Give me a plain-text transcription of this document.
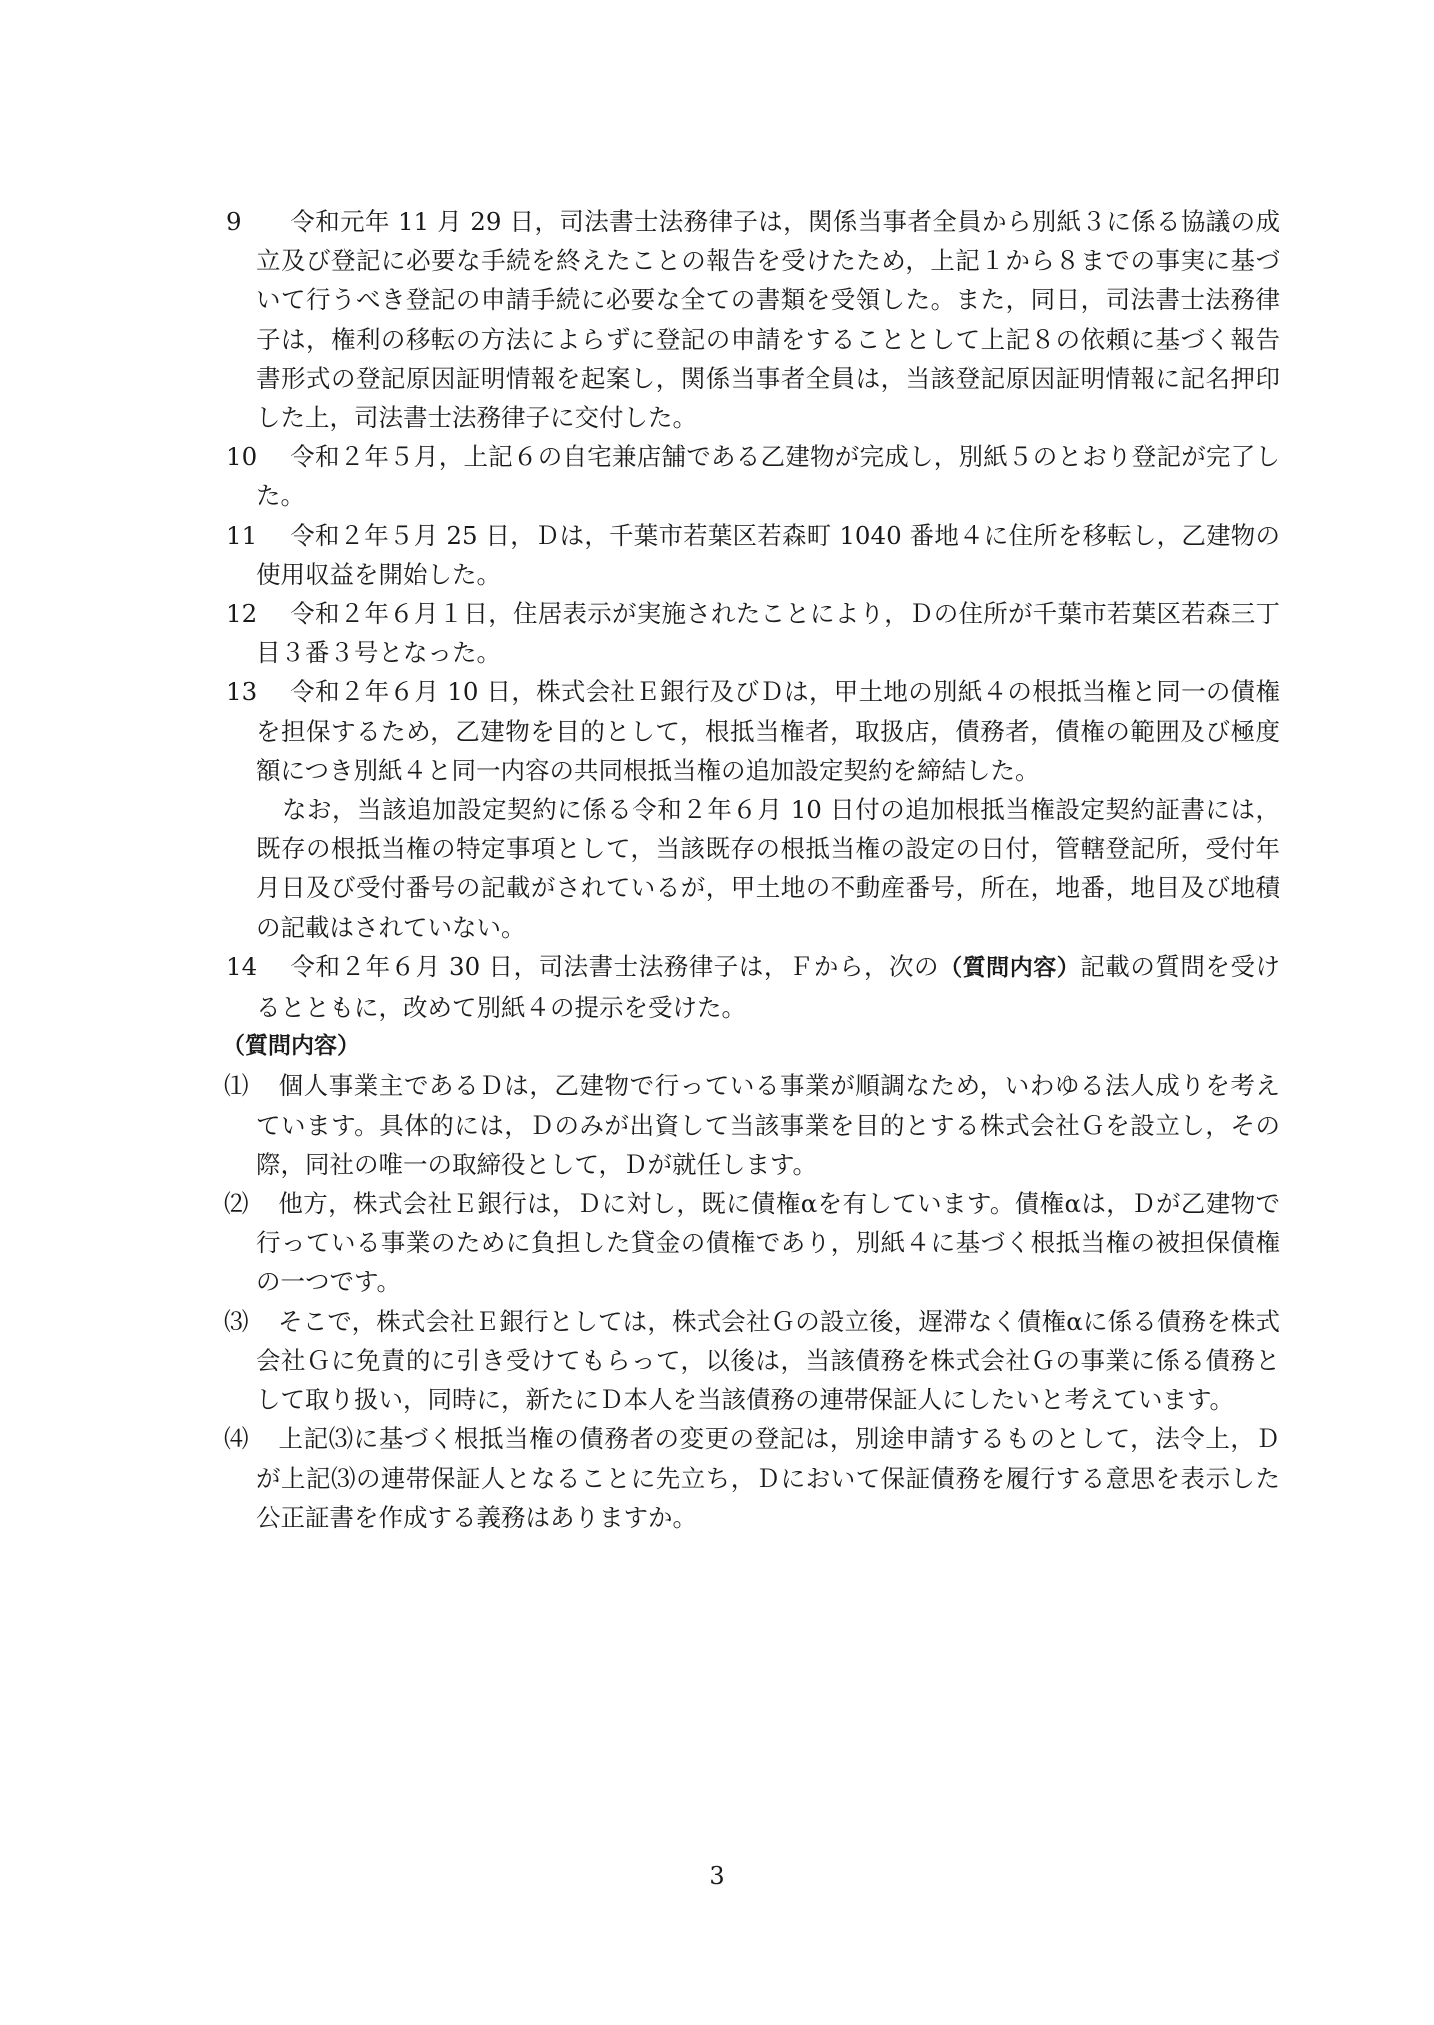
9 令和元年 11 月 29 日，司法書士法務律子は，関係当事者全員から別紙３に係る協議の成立及び登記に必要な手続を終えたことの報告を受けたため，上記１から８までの事実に基づいて行うべき登記の申請手続に必要な全ての書類を受領した。また，同日，司法書士法務律子は，権利の移転の方法によらずに登記の申請をすることとして上記８の依頼に基づく報告書形式の登記原因証明情報を起案し，関係当事者全員は，当該登記原因証明情報に記名押印した上，司法書士法務律子に交付した。

10 令和２年５月，上記６の自宅兼店舗である乙建物が完成し，別紙５のとおり登記が完了した。

11 令和２年５月 25 日，Ｄは，千葉市若葉区若森町 1040 番地４に住所を移転し，乙建物の使用収益を開始した。

12 令和２年６月１日，住居表示が実施されたことにより，Ｄの住所が千葉市若葉区若森三丁目３番３号となった。

13 令和２年６月 10 日，株式会社Ｅ銀行及びＤは，甲土地の別紙４の根抵当権と同一の債権を担保するため，乙建物を目的として，根抵当権者，取扱店，債務者，債権の範囲及び極度額につき別紙４と同一内容の共同根抵当権の追加設定契約を締結した。

なお，当該追加設定契約に係る令和２年６月 10 日付の追加根抵当権設定契約証書には，既存の根抵当権の特定事項として，当該既存の根抵当権の設定の日付，管轄登記所，受付年月日及び受付番号の記載がされているが，甲土地の不動産番号，所在，地番，地目及び地積の記載はされていない。

14 令和２年６月 30 日，司法書士法務律子は，Ｆから，次の（質問内容）記載の質問を受けるとともに，改めて別紙４の提示を受けた。

（質問内容）

⑴ 個人事業主であるＤは，乙建物で行っている事業が順調なため，いわゆる法人成りを考えています。具体的には，Ｄのみが出資して当該事業を目的とする株式会社Ｇを設立し，その際，同社の唯一の取締役として，Ｄが就任します。

⑵ 他方，株式会社Ｅ銀行は，Ｄに対し，既に債権αを有しています。債権αは，Ｄが乙建物で行っている事業のために負担した貸金の債権であり，別紙４に基づく根抵当権の被担保債権の一つです。

⑶ そこで，株式会社Ｅ銀行としては，株式会社Ｇの設立後，遅滞なく債権αに係る債務を株式会社Ｇに免責的に引き受けてもらって，以後は，当該債務を株式会社Ｇの事業に係る債務として取り扱い，同時に，新たにＤ本人を当該債務の連帯保証人にしたいと考えています。

⑷ 上記⑶に基づく根抵当権の債務者の変更の登記は，別途申請するものとして，法令上，Ｄが上記⑶の連帯保証人となることに先立ち，Ｄにおいて保証債務を履行する意思を表示した公正証書を作成する義務はありますか。

3
